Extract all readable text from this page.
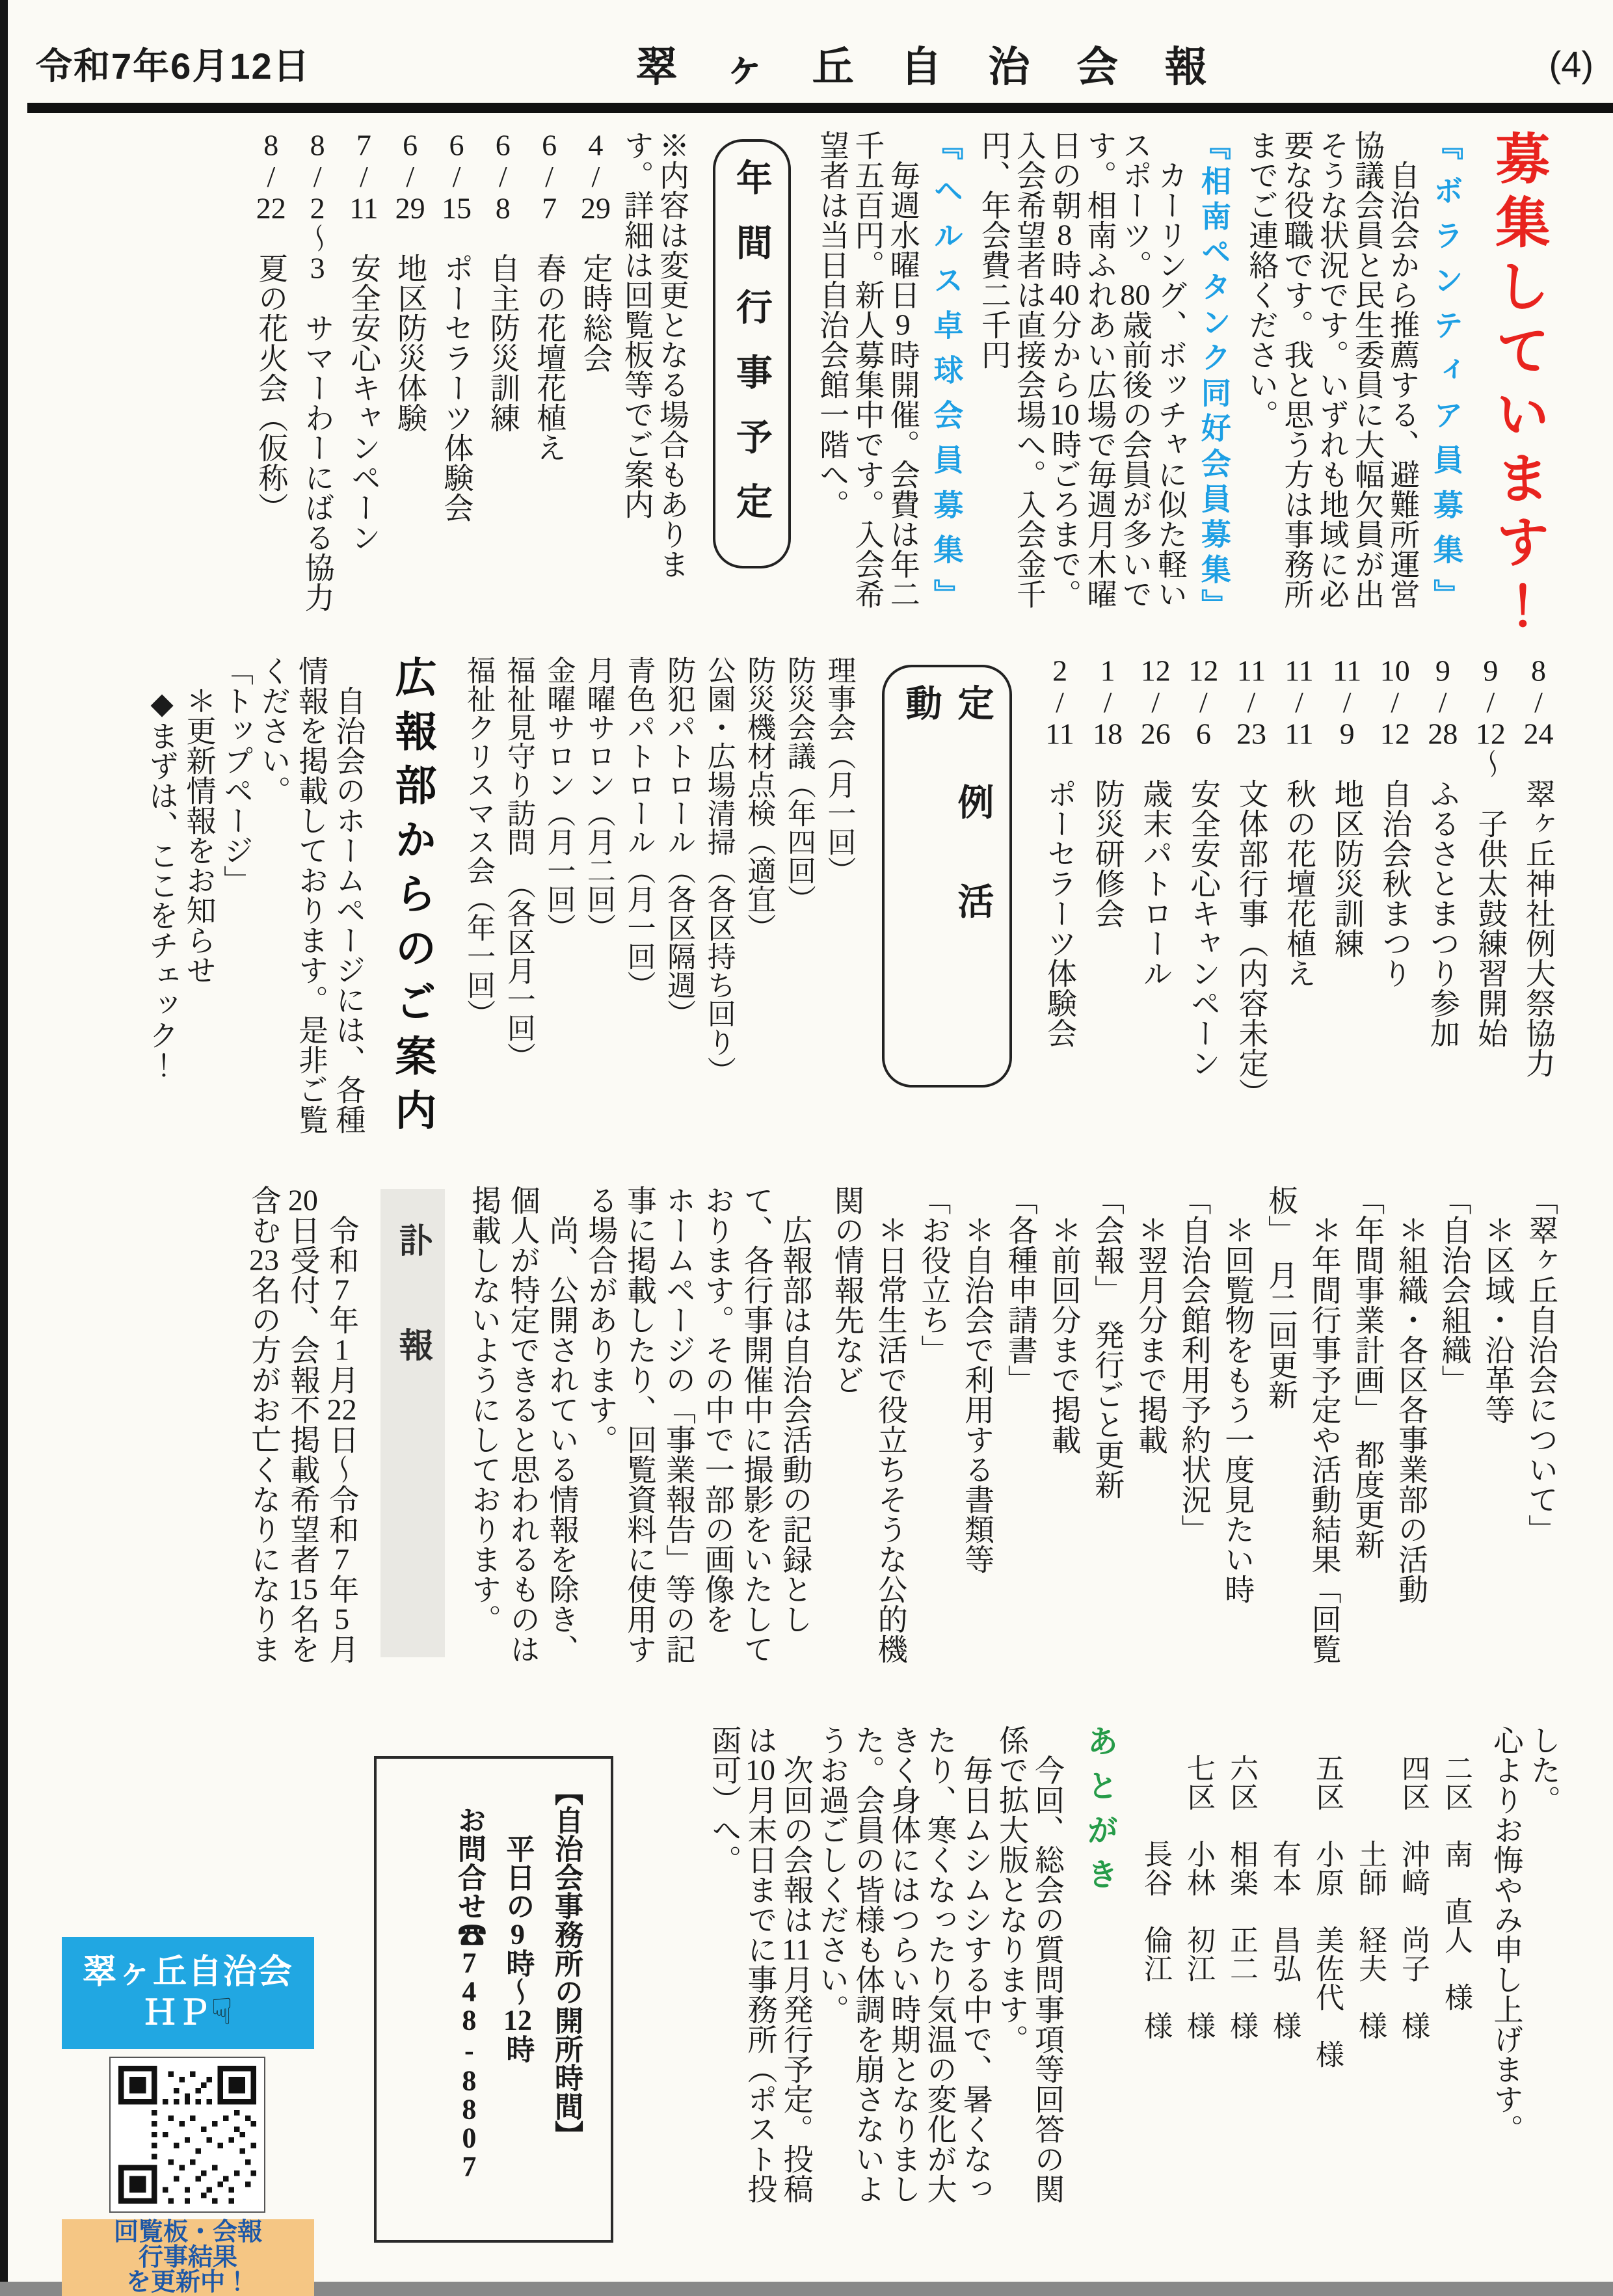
令和7年6月12日	翠 ヶ 丘 自 治 会 報	(4)
募集しています！
『ボランティア員募集』

　自治会から推薦する、避難所運営

協議会員と民生委員に大幅欠員が出

そうな状況です。いずれも地域に必

要な役職です。我と思う方は事務所

までご連絡ください。

『相南ペタンク同好会員募集』

　カーリング、ボッチャに似た軽い

スポーツ。80歳前後の会員が多いで

す。相南ふれあい広場で毎週月木曜

日の朝8時40分から10時ごろまで。

入会希望者は直接会場へ。入会金千

円、年会費二千円

『ヘルス卓球会員募集』

　毎週水曜日9時開催。会費は年二

千五百円。新人募集中です。入会希

望者は当日自治会館一階へ。

年間行事予定

※内容は変更となる場合もありま

す。詳細は回覧板等でご案内

4/29　定時総会

6/7　春の花壇花植え

6/8　自主防災訓練

6/15　ポーセラーツ体験会

6/29　地区防災体験

7/11　安全安心キャンペーン

8/2〜3　サマーわーにばる協力

8/22　夏の花火会（仮称）

8/24　翠ヶ丘神社例大祭協力

9/12〜　子供太鼓練習開始

9/28　ふるさとまつり参加

10/12　自治会秋まつり

11/9　地区防災訓練

11/11　秋の花壇花植え

11/23　文体部行事（内容未定）

12/6　安全安心キャンペーン

12/26　歳末パトロール

1/18　防災研修会

2/11　ポーセラーツ体験会

定例活動

理事会（月一回）

防災会議（年四回）

防災機材点検（適宜）

公園・広場清掃（各区持ち回り）

防犯パトロール（各区隔週）

青色パトロール（月一回）

月曜サロン（月二回）

金曜サロン（月一回）

福祉見守り訪問　（各区月一回）

福祉クリスマス会（年一回）

広報部からのご案内

　自治会のホームページには、各種

情報を掲載しております。是非ご覧

ください。

「トップページ」

　＊更新情報をお知らせ

　◆まずは、ここをチェック！

「翠ヶ丘自治会について」

　＊区域・沿革等

「自治会組織」

　＊組織・各区各事業部の活動

「年間事業計画」　都度更新

　＊年間行事予定や活動結果「回覧

板」　月二回更新

　＊回覧物をもう一度見たい時

「自治会館利用予約状況」

　＊翌月分まで掲載

「会報」　発行ごと更新

　＊前回分まで掲載

「各種申請書」

　＊自治会で利用する書類等

「お役立ち」

　＊日常生活で役立ちそうな公的機

関の情報先など

　広報部は自治会活動の記録とし

て、各行事開催中に撮影をいたして

おります。その中で一部の画像を

ホームページの「事業報告」等の記

事に掲載したり、回覧資料に使用す

る場合があります。

　尚、公開されている情報を除き、

個人が特定できると思われるものは

掲載しないようにしております。

訃　報

　令和7年1月22日〜令和7年5月

20日受付、会報不掲載希望者15名を

含む23名の方がお亡くなりになりま

した。

心よりお悔やみ申し上げます。

　二区　南　直人　様

　四区　沖﨑　尚子　様

　　　　土師　経夫　様

　五区　小原　美佐代　様

　　　　有本　昌弘　様

　六区　相楽　正二　様

　七区　小林　初江　様

　　　　長谷　倫江　様

あとがき

　今回、総会の質問事項等回答の関

係で拡大版となります。

　毎日ムシムシする中で、暑くなっ

たり、寒くなったり気温の変化が大

きく身体にはつらい時期となりまし

た。会員の皆様も体調を崩さないよ

うお過ごしください。

　次回の会報は11月発行予定。投稿

は10月末日までに事務所（ポスト投

函可）へ。

【自治会事務所の開所時間】

　　平日の9時〜12時

　お問合せ☎748-8807

翠ヶ丘自治会
ＨＰ☟
回覧板・会報
行事結果
を更新中！
